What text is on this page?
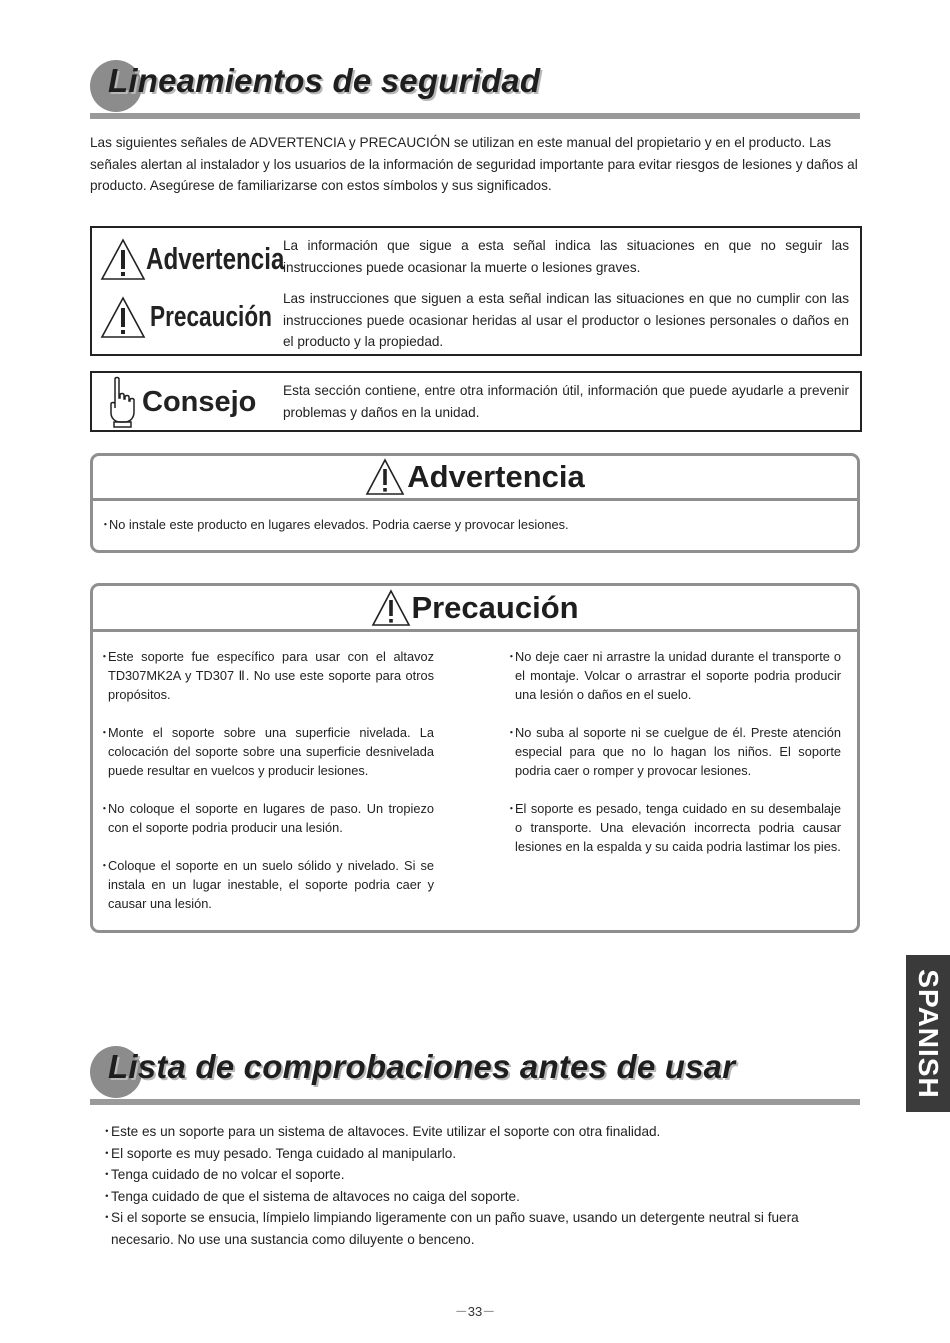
Lineamientos de seguridad
Las siguientes señales de ADVERTENCIA y PRECAUCIÓN se utilizan en este manual del propietario y en el producto. Las señales alertan al instalador y los usuarios de la información de seguridad importante para evitar riesgos de lesiones y daños al producto. Asegúrese de familiarizarse con estos símbolos y sus significados.
Advertencia
La información que sigue a esta señal indica las situaciones en que no seguir las instrucciones puede ocasionar la muerte o lesiones graves.
Precaución
Las instrucciones que siguen a esta señal indican las situaciones en que no cumplir con las instrucciones puede ocasionar heridas al usar el productor o lesiones personales o daños en el producto y la propiedad.
Consejo Esta sección contiene, entre otra información útil, información que puede ayudarle a prevenir problemas y daños en la unidad.
Advertencia
・
No instale este producto en lugares elevados. Podria caerse y provocar lesiones.
Precaución
・
Este soporte fue específico para usar con el altavoz TD307MK2A y TD307 Ⅱ. No use este soporte para otros propósitos.
・
Monte el soporte sobre una superficie nivelada. La colocación del soporte sobre una superficie desnivelada puede resultar en vuelcos y producir lesiones.
・
No coloque el soporte en lugares de paso. Un tropiezo con el soporte podria producir una lesión.
・
Coloque el soporte en un suelo sólido y nivelado. Si se instala en un lugar inestable, el soporte podria caer y causar una lesión.
・
No deje caer ni arrastre la unidad durante el transporte o el montaje. Volcar o arrastrar el soporte podria producir una lesión o daños en el suelo.
・
No suba al soporte ni se cuelgue de él. Preste atención especial para que no lo hagan los niños. El soporte podria caer o romper y provocar lesiones.
・
El soporte es pesado, tenga cuidado en su desembalaje o transporte. Una elevación incorrecta podria causar lesiones en la espalda y su caida podria lastimar los pies.
SPANISH
Lista de comprobaciones antes de usar
・
Este es un soporte para un sistema de altavoces. Evite utilizar el soporte con otra finalidad.
・
El soporte es muy pesado. Tenga cuidado al manipularlo.
・
Tenga cuidado de no volcar el soporte.
・
Tenga cuidado de que el sistema de altavoces no caiga del soporte.
・
Si el soporte se ensucia, límpielo limpiando ligeramente con un paño suave, usando un detergente neutral si fuera necesario. No use una sustancia como diluyente o benceno.
－33－
